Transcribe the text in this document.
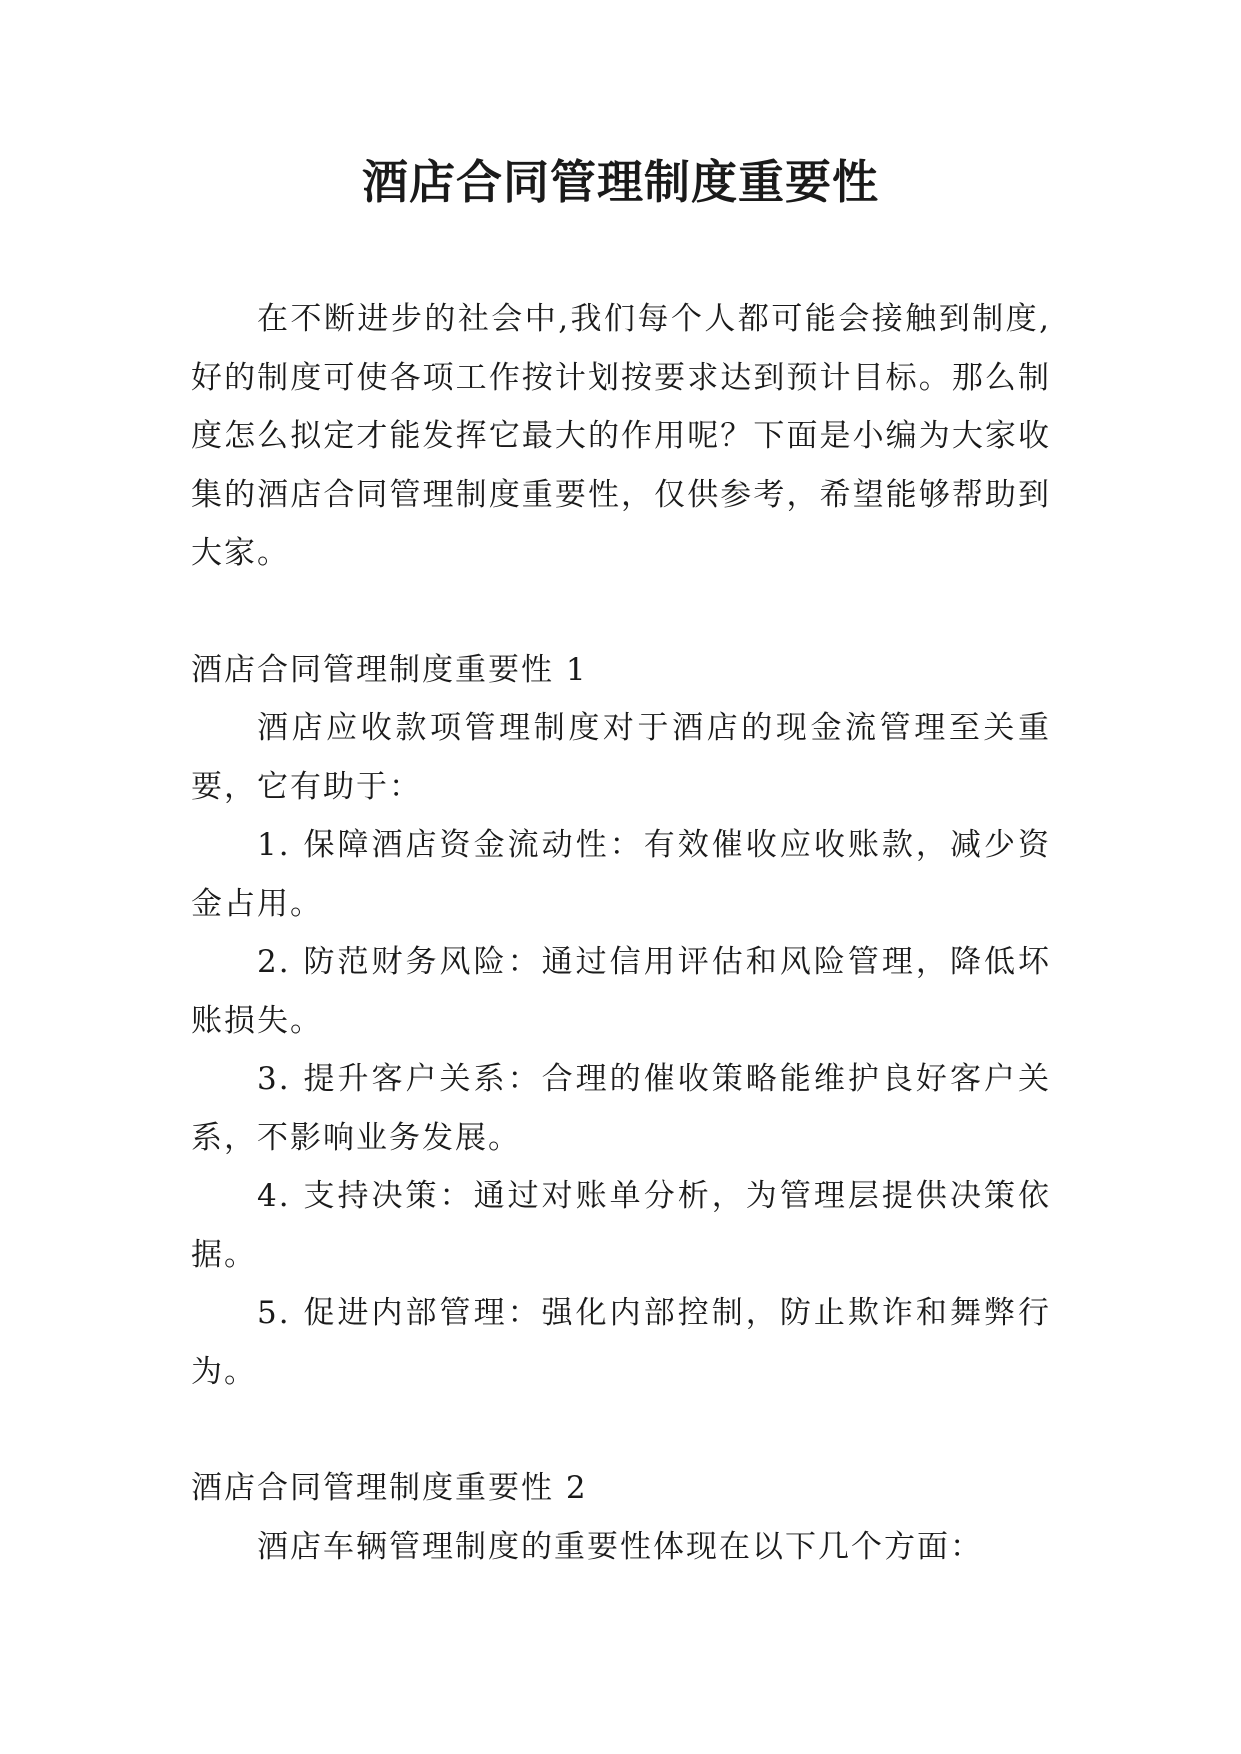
酒店合同管理制度重要性

在不断进步的社会中,我们每个人都可能会接触到制度,好的制度可使各项工作按计划按要求达到预计目标。那么制度怎么拟定才能发挥它最大的作用呢？下面是小编为大家收集的酒店合同管理制度重要性，仅供参考，希望能够帮助到大家。

酒店合同管理制度重要性 1

酒店应收款项管理制度对于酒店的现金流管理至关重要，它有助于：

1. 保障酒店资金流动性：有效催收应收账款，减少资金占用。

2. 防范财务风险：通过信用评估和风险管理，降低坏账损失。

3. 提升客户关系：合理的催收策略能维护良好客户关系，不影响业务发展。

4. 支持决策：通过对账单分析，为管理层提供决策依据。

5. 促进内部管理：强化内部控制，防止欺诈和舞弊行为。

酒店合同管理制度重要性 2

酒店车辆管理制度的重要性体现在以下几个方面：
